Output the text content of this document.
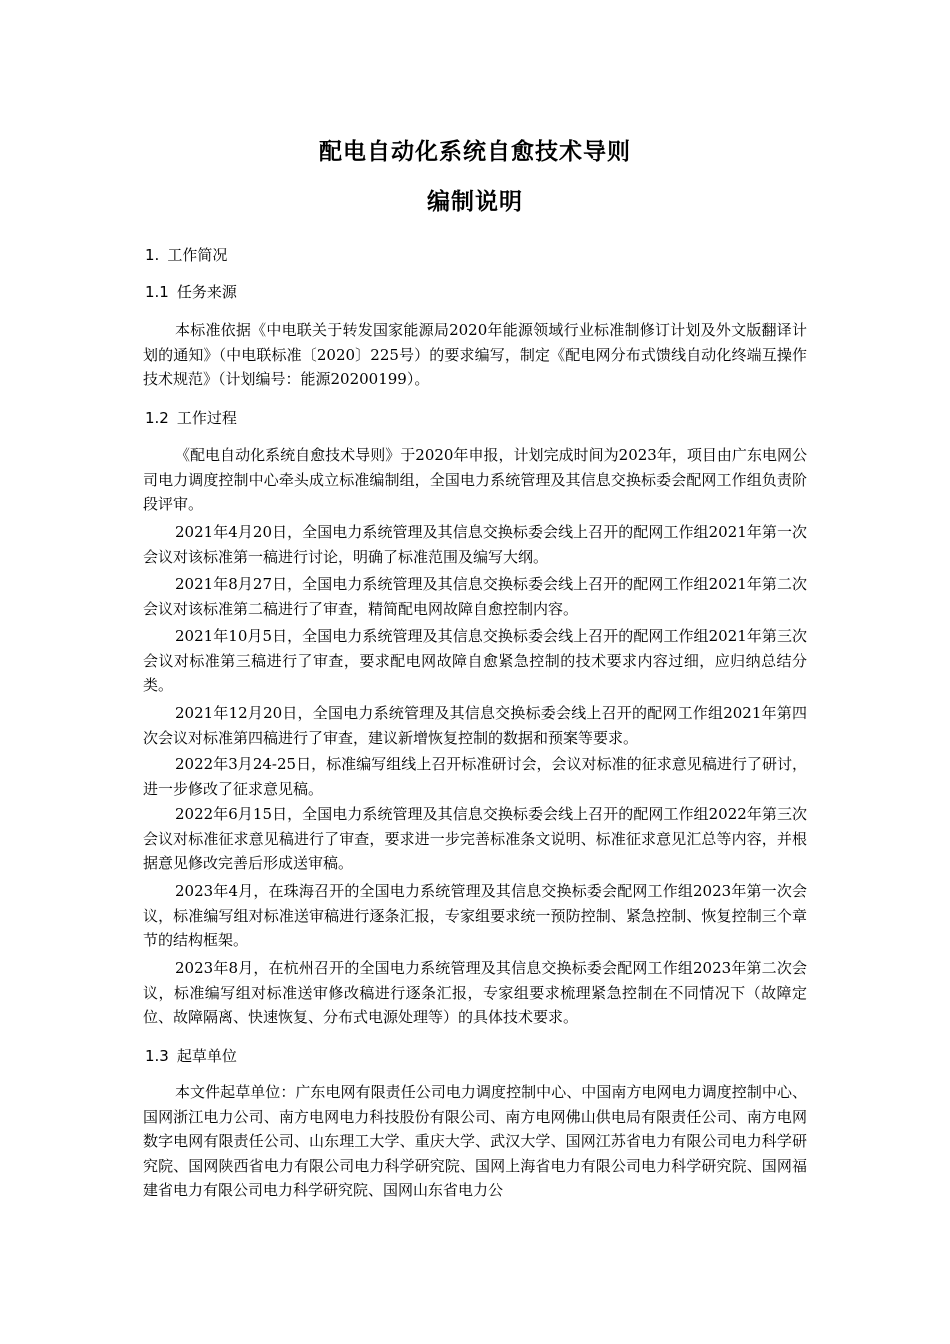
配电自动化系统自愈技术导则
编制说明
1. 工作简况
1.1 任务来源

本标准依据《中电联关于转发国家能源局2020年能源领域行业标准制修订计划及外文版翻译计划的通知》（中电联标准〔2020〕225号）的要求编写，制定《配电网分布式馈线自动化终端互操作技术规范》（计划编号：能源20200199）。

1.2 工作过程

《配电自动化系统自愈技术导则》于2020年申报，计划完成时间为2023年，项目由广东电网公司电力调度控制中心牵头成立标准编制组，全国电力系统管理及其信息交换标委会配网工作组负责阶段评审。

2021年4月20日，全国电力系统管理及其信息交换标委会线上召开的配网工作组2021年第一次会议对该标准第一稿进行讨论，明确了标准范围及编写大纲。

2021年8月27日，全国电力系统管理及其信息交换标委会线上召开的配网工作组2021年第二次会议对该标准第二稿进行了审查，精简配电网故障自愈控制内容。

2021年10月5日，全国电力系统管理及其信息交换标委会线上召开的配网工作组2021年第三次会议对标准第三稿进行了审查，要求配电网故障自愈紧急控制的技术要求内容过细，应归纳总结分类。

2021年12月20日，全国电力系统管理及其信息交换标委会线上召开的配网工作组2021年第四次会议对标准第四稿进行了审查，建议新增恢复控制的数据和预案等要求。

2022年3月24-25日，标准编写组线上召开标准研讨会，会议对标准的征求意见稿进行了研讨，进一步修改了征求意见稿。

2022年6月15日，全国电力系统管理及其信息交换标委会线上召开的配网工作组2022年第三次会议对标准征求意见稿进行了审查，要求进一步完善标准条文说明、标准征求意见汇总等内容，并根据意见修改完善后形成送审稿。

2023年4月，在珠海召开的全国电力系统管理及其信息交换标委会配网工作组2023年第一次会议，标准编写组对标准送审稿进行逐条汇报，专家组要求统一预防控制、紧急控制、恢复控制三个章节的结构框架。

2023年8月，在杭州召开的全国电力系统管理及其信息交换标委会配网工作组2023年第二次会议，标准编写组对标准送审修改稿进行逐条汇报，专家组要求梳理紧急控制在不同情况下（故障定位、故障隔离、快速恢复、分布式电源处理等）的具体技术要求。

1.3 起草单位

本文件起草单位：广东电网有限责任公司电力调度控制中心、中国南方电网电力调度控制中心、国网浙江电力公司、南方电网电力科技股份有限公司、南方电网佛山供电局有限责任公司、南方电网数字电网有限责任公司、山东理工大学、重庆大学、武汉大学、国网江苏省电力有限公司电力科学研究院、国网陕西省电力有限公司电力科学研究院、国网上海省电力有限公司电力科学研究院、国网福建省电力有限公司电力科学研究院、国网山东省电力公
